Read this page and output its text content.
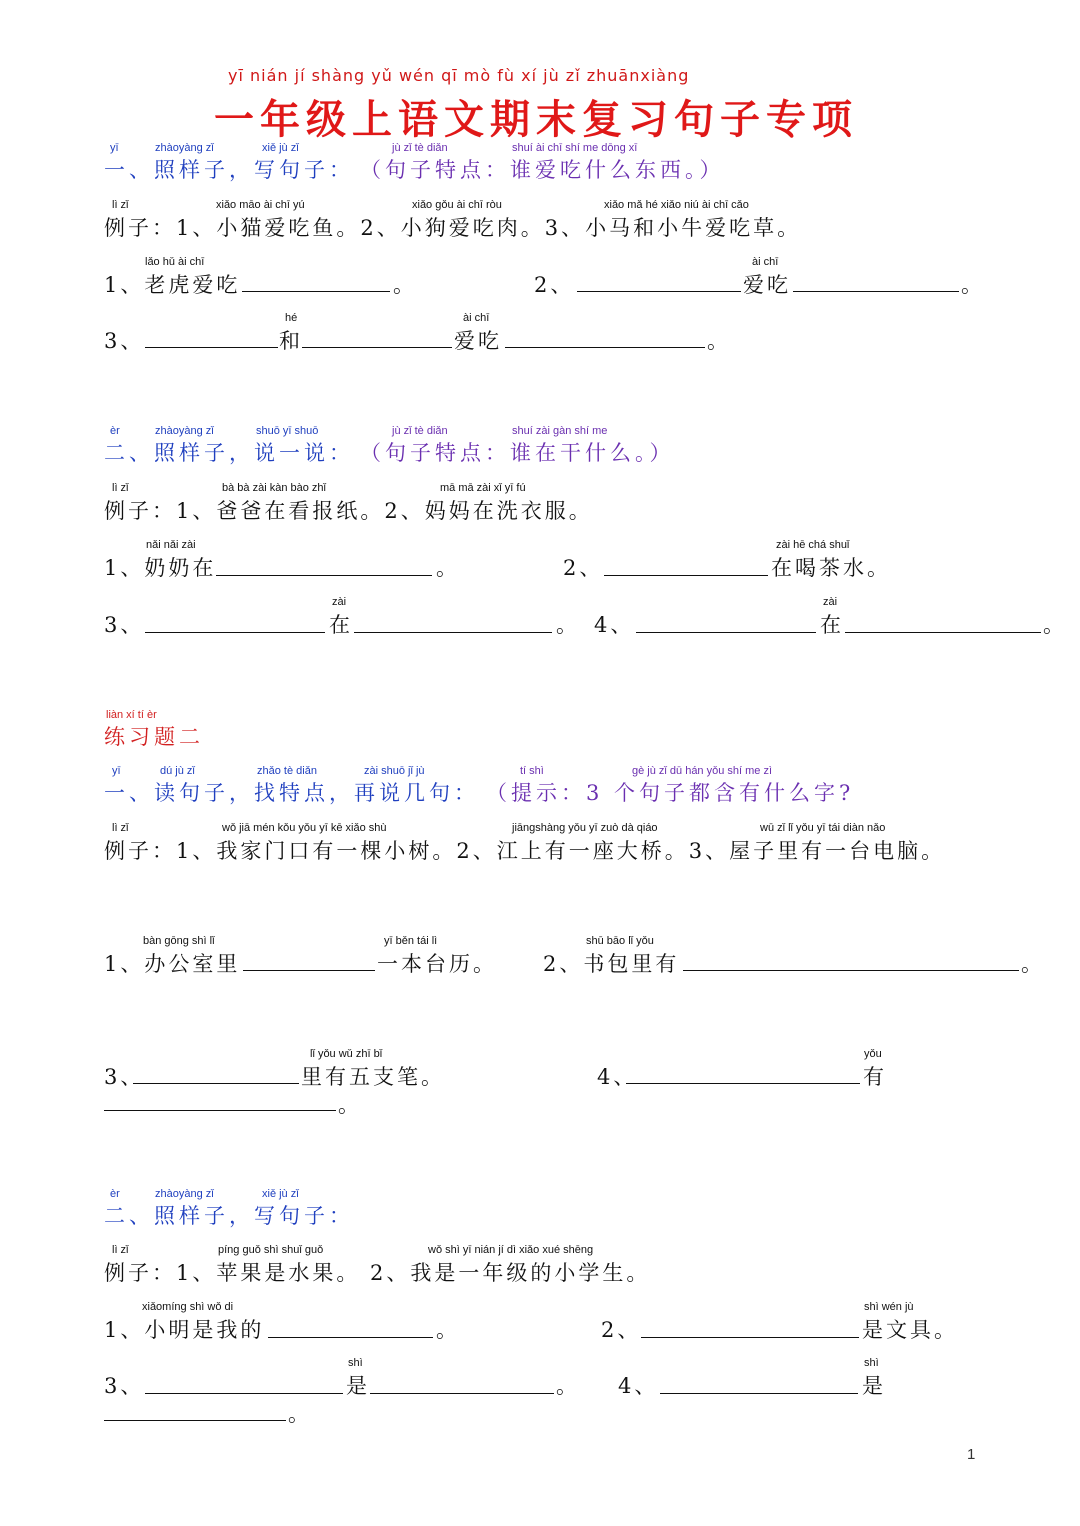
yī nián jí shàng yǔ wén qī mò fù xí jù zǐ zhuānxiàng
一年级上语文期末复习句子专项
yī	zhàoyàng zǐ	xiě jù zǐ	jù zǐ tè diǎn	shuí ài chī shí me dōng xī
一、照样子，写句子： （句子特点：谁爱吃什么东西。）
lì zǐ	xiǎo māo ài chī yú	xiǎo gǒu ài chī ròu	xiǎo mǎ hé xiǎo niú ài chī cǎo
例子：1、小猫爱吃鱼。2、小狗爱吃肉。3、小马和小牛爱吃草。
lǎo hǔ ài chī
1、老虎爱吃	。
ài chī
2、	爱吃	。
hé	ài chī
3、	和	爱吃	。
èr	zhàoyàng zǐ	shuō yī shuō	jù zǐ tè diǎn	shuí zài gàn shí me
二、照样子，说一说： （句子特点：谁在干什么。）
lì zǐ	bà bà zài kàn bào zhǐ	mā mā zài xǐ yī fú
例子：1、爸爸在看报纸。2、妈妈在洗衣服。
nǎi nǎi zài
1、奶奶在	。
zài hē chá shuǐ
2、	在喝茶水。
zài
3、	在	。
zài
4、	在	。
liàn xí tí èr
练习题二
yī	dú jù zǐ	zhǎo tè diǎn	zài shuō jǐ jù	tí shì	gè jù zǐ dū hán yǒu shí me zì
一、读句子，找特点，再说几句： （提示：3 个句子都含有什么字?
lì zǐ	wǒ jiā mén kǒu yǒu yī kē xiǎo shù	jiāngshàng yǒu yī zuò dà qiáo	wū zǐ lǐ yǒu yī tái diàn nǎo
例子：1、我家门口有一棵小树。2、江上有一座大桥。3、屋子里有一台电脑。
bàn gōng shì lǐ	yī běn tái lì
1、办公室里	一本台历。
shū bāo lǐ yǒu
2、书包里有	。
lǐ yǒu wǔ zhī bǐ
3、	里有五支笔。
yǒu
4、	有
。
èr	zhàoyàng zǐ	xiě jù zǐ
二、照样子，写句子：
lì zǐ	píng guǒ shì shuǐ guǒ	wǒ shì yī nián jí dì xiǎo xué shēng
例子：1、苹果是水果。 2、我是一年级的小学生。
xiǎomíng shì wǒ di
1、小明是我的	。
shì wén jù
2、	是文具。
shì
3、	是	。
shì
4、	是
。
1
